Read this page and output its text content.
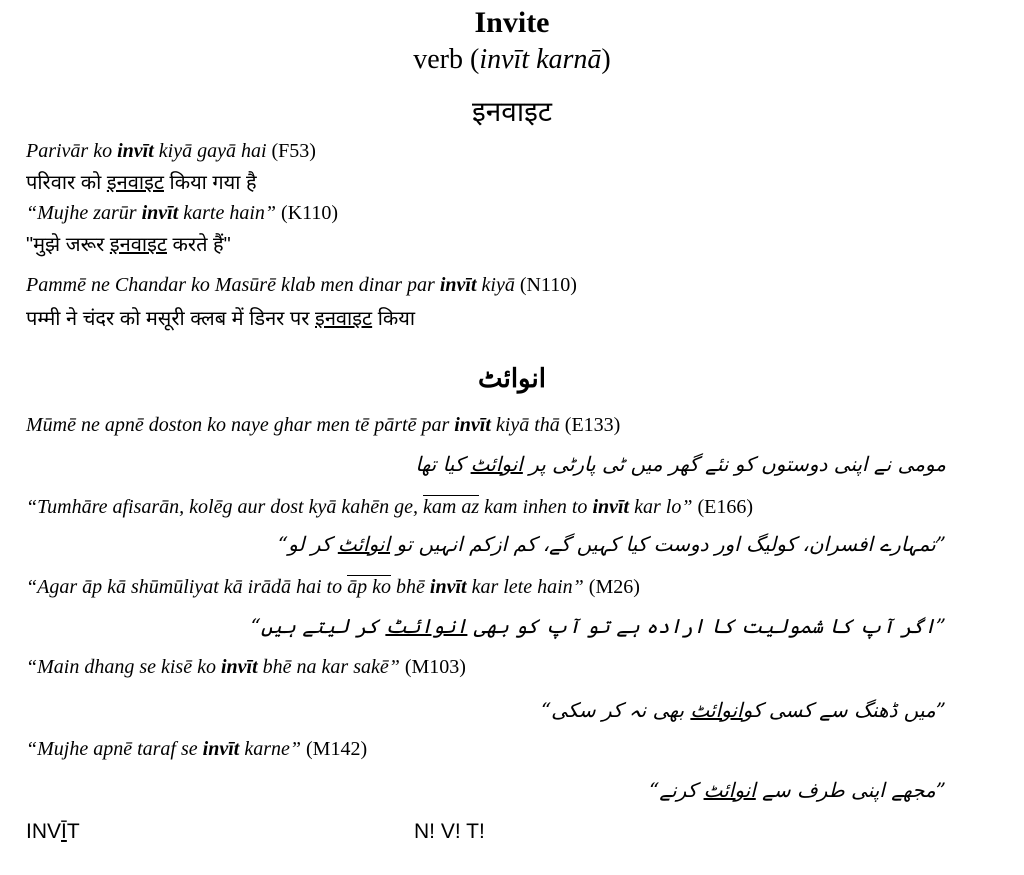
Invite
verb (invīt karnā)
इनवाइट
Parivār ko invīt kiyā gayā hai (F53)
परिवार को इनवाइट किया गया है
“Mujhe zarūr invīt karte hain” (K110)
"मुझे जरूर इनवाइट करते हैं"
Pammē ne Chandar ko Masūrē klab men dinar par invīt kiyā (N110)
पम्मी ने चंदर को मसूरी क्लब में डिनर पर इनवाइट किया
انوائٹ
Mūmē ne apnē doston ko naye ghar men tē pārtē par invīt kiyā thā (E133)
مومی نے اپنی دوستوں کو نئے گھر میں ٹی پارٹی پر انوائٹ کیا تھا
“Tumhāre afisarān, kolēg aur dost kyā kahēn ge, kam az kam inhen to invīt kar lo” (E166)
”تمہارے افسران، کولیگ اور دوست کیا کہیں گے، کم ازکم انہیں تو انوائٹ کر لو“
“Agar āp kā shūmūliyat kā irādā hai to āp ko bhē invīt kar lete hain” (M26)
”اگر آپ کا شمولیت کا ارادہ ہے تو آپ کو بھی انوائٹ کر لیتے ہیں“
“Main dhang se kisē ko invīt bhē na kar sakē” (M103)
”میں ڈھنگ سے کسی کوانوائٹ بھی نہ کر سکی“
“Mujhe apnē taraf se invīt karne” (M142)
”مجھے اپنی طرف سے انوائٹ کرنے“
INVĪT	N! V! T!
